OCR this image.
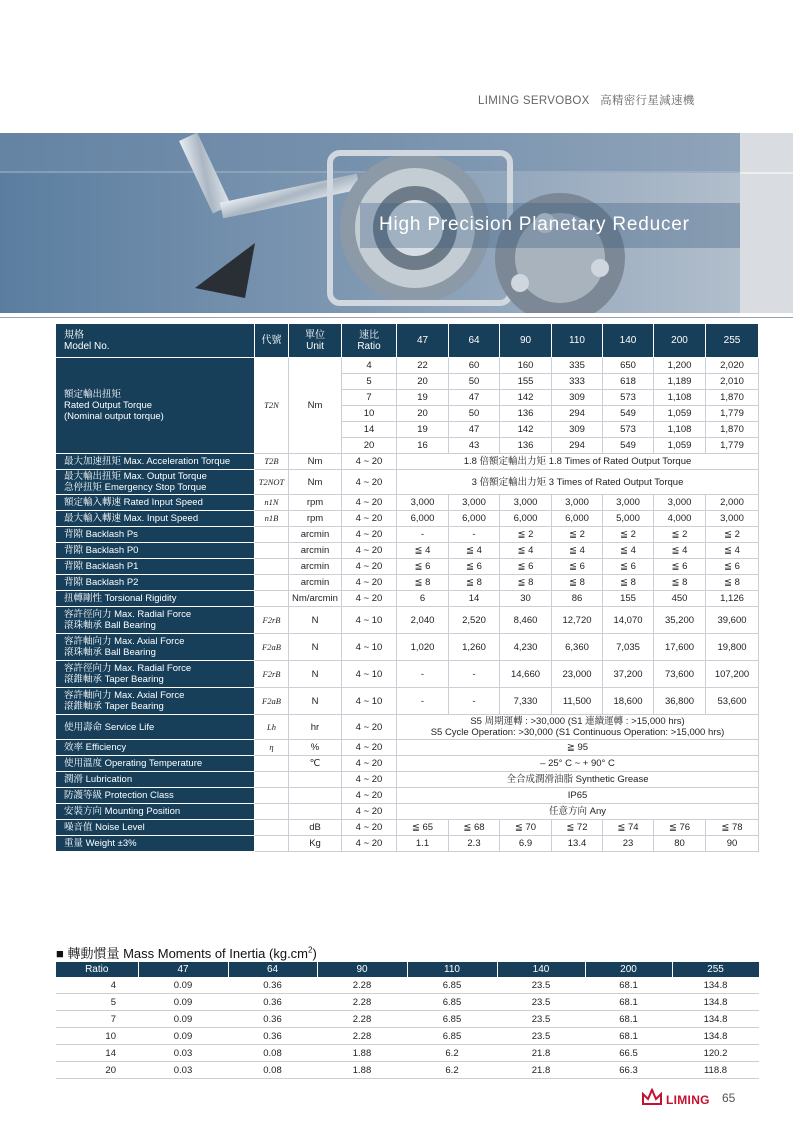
LIMING SERVOBOX 高精密行星減速機
High Precision Planetary Reducer
規格
Model No.	代號	單位
Unit	速比
Ratio	47	64	90	110	140	200	255
額定輸出扭矩
Rated Output Torque
(Nominal output torque)	T2N	Nm	4	22	60	160	335	650	1,200	2,020
			5	20	50	155	333	618	1,189	2,010
			7	19	47	142	309	573	1,108	1,870
			10	20	50	136	294	549	1,059	1,779
			14	19	47	142	309	573	1,108	1,870
			20	16	43	136	294	549	1,059	1,779
最大加速扭矩 Max. Acceleration Torque	T2B	Nm	4 ~ 20	1.8 倍額定輸出力矩 1.8 Times of Rated Output Torque						
最大輸出扭矩 Max. Output Torque
急停扭矩 Emergency Stop Torque	T2NOT	Nm	4 ~ 20	3 倍額定輸出力矩 3 Times of Rated Output Torque						
額定輸入轉速 Rated Input Speed	n1N	rpm	4 ~ 20	3,000	3,000	3,000	3,000	3,000	3,000	2,000
最大輸入轉速 Max. Input Speed	n1B	rpm	4 ~ 20	6,000	6,000	6,000	6,000	5,000	4,000	3,000
背隙 Backlash Ps		arcmin	4 ~ 20	-	-	≦ 2	≦ 2	≦ 2	≦ 2	≦ 2
背隙 Backlash P0		arcmin	4 ~ 20	≦ 4	≦ 4	≦ 4	≦ 4	≦ 4	≦ 4	≦ 4
背隙 Backlash P1		arcmin	4 ~ 20	≦ 6	≦ 6	≦ 6	≦ 6	≦ 6	≦ 6	≦ 6
背隙 Backlash P2		arcmin	4 ~ 20	≦ 8	≦ 8	≦ 8	≦ 8	≦ 8	≦ 8	≦ 8
扭轉剛性 Torsional Rigidity		Nm/arcmin	4 ~ 20	6	14	30	86	155	450	1,126
容許徑向力 Max. Radial Force
滾珠軸承 Ball Bearing	F2rB	N	4 ~ 10	2,040	2,520	8,460	12,720	14,070	35,200	39,600
容許軸向力 Max. Axial Force
滾珠軸承 Ball Bearing	F2aB	N	4 ~ 10	1,020	1,260	4,230	6,360	7,035	17,600	19,800
容許徑向力 Max. Radial Force
滾錐軸承 Taper Bearing	F2rB	N	4 ~ 10	-	-	14,660	23,000	37,200	73,600	107,200
容許軸向力 Max. Axial Force
滾錐軸承 Taper Bearing	F2aB	N	4 ~ 10	-	-	7,330	11,500	18,600	36,800	53,600
使用壽命 Service Life	Lh	hr	4 ~ 20	S5 周期運轉 : >30,000 (S1 連續運轉 : >15,000 hrs)
S5 Cycle Operation: >30,000 (S1 Continuous Operation: >15,000 hrs)						
效率 Efficiency	η	%	4 ~ 20	≧ 95						
使用溫度 Operating Temperature		℃	4 ~ 20	– 25° C ~ + 90° C						
潤滑 Lubrication			4 ~ 20	全合成潤滑油脂 Synthetic Grease						
防護等級 Protection Class			4 ~ 20	IP65						
安裝方向 Mounting Position			4 ~ 20	任意方向 Any						
噪音值 Noise Level		dB	4 ~ 20	≦ 65	≦ 68	≦ 70	≦ 72	≦ 74	≦ 76	≦ 78
重量 Weight ±3%		Kg	4 ~ 20	1.1	2.3	6.9	13.4	23	80	90
■ 轉動慣量 Mass Moments of Inertia $(kg.cm^2)$
Ratio	47	64	90	110	140	200	255
4	0.09	0.36	2.28	6.85	23.5	68.1	134.8
5	0.09	0.36	2.28	6.85	23.5	68.1	134.8
7	0.09	0.36	2.28	6.85	23.5	68.1	134.8
10	0.09	0.36	2.28	6.85	23.5	68.1	134.8
14	0.03	0.08	1.88	6.2	21.8	66.5	120.2
20	0.03	0.08	1.88	6.2	21.8	66.3	118.8
LIMING 65
